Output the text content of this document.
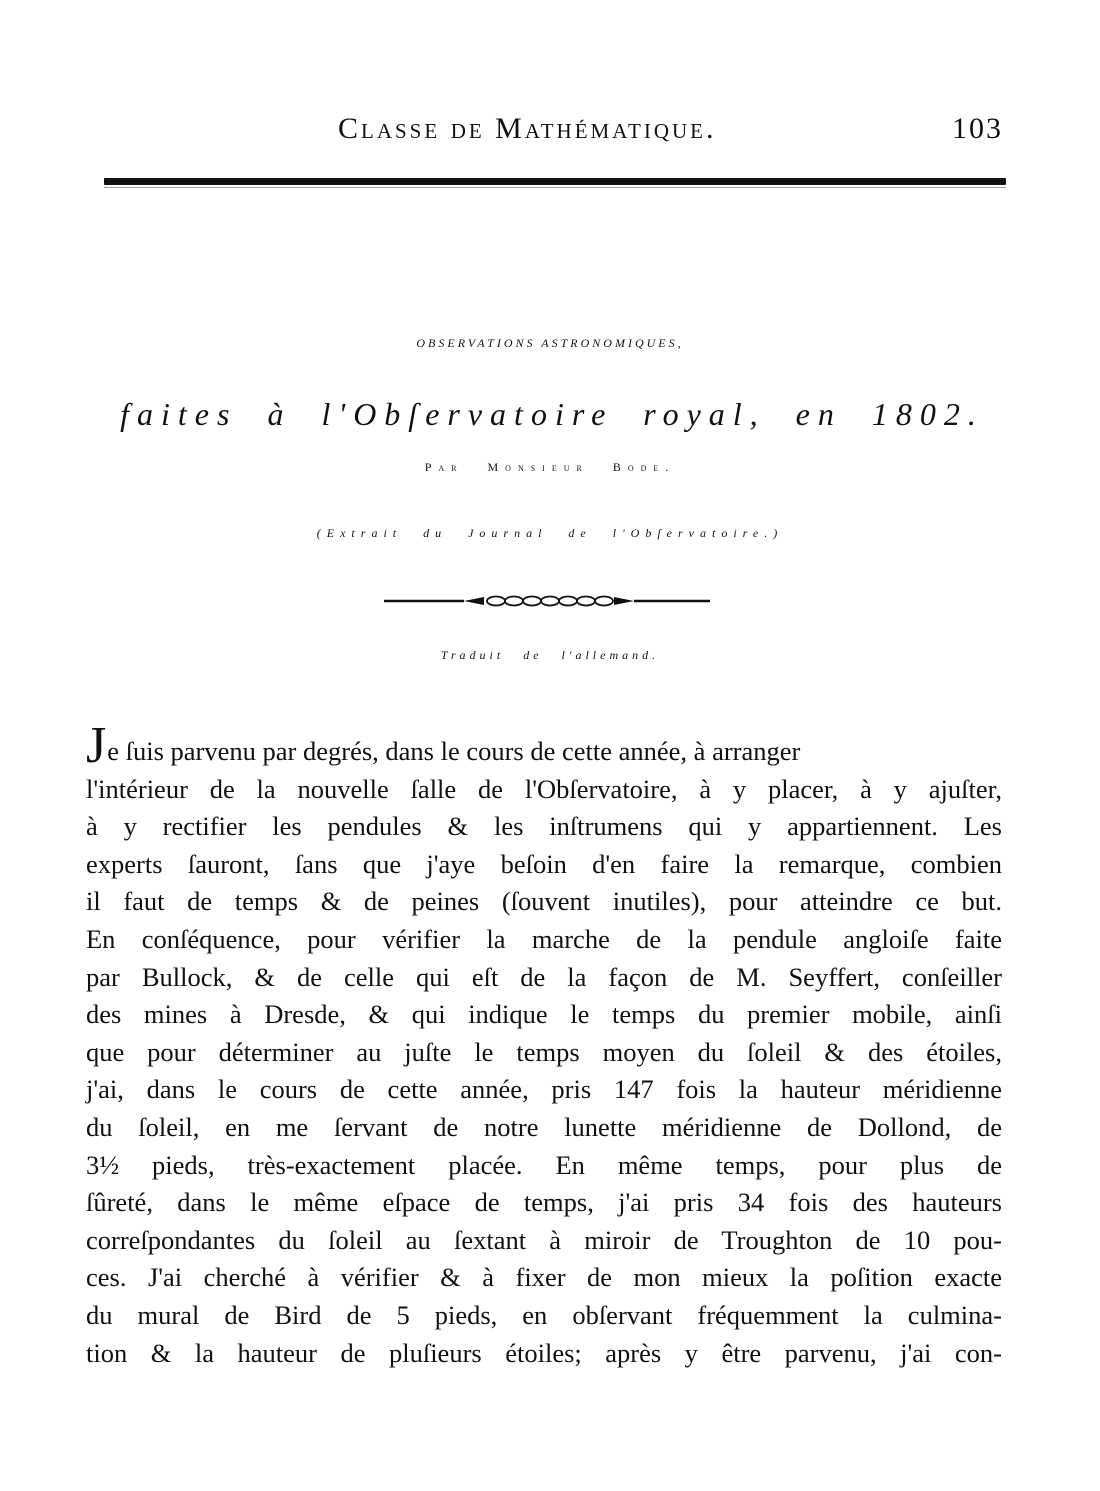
Classe de Mathématique.	103
OBSERVATIONS ASTRONOMIQUES,
faites à l'Obſervatoire royal, en 1802.
Par Monsieur Bode.
(Extrait du Journal de l'Obſervatoire.)
Traduit de l'allemand.
Je ſuis parvenu par degrés, dans le cours de cette année, à arranger
l'intérieur de la nouvelle ſalle de l'Obſervatoire, à y placer, à y ajuſter,
à y rectifier les pendules & les inſtrumens qui y appartiennent. Les
experts ſauront, ſans que j'aye beſoin d'en faire la remarque, combien
il faut de temps & de peines (ſouvent inutiles), pour atteindre ce but.
En conſéquence, pour vérifier la marche de la pendule angloiſe faite
par Bullock, & de celle qui eſt de la façon de M. Seyffert, conſeiller
des mines à Dresde, & qui indique le temps du premier mobile, ainſi
que pour déterminer au juſte le temps moyen du ſoleil & des étoiles,
j'ai, dans le cours de cette année, pris 147 fois la hauteur méridienne
du ſoleil, en me ſervant de notre lunette méridienne de Dollond, de
3½ pieds, très-exactement placée. En même temps, pour plus de
ſûreté, dans le même eſpace de temps, j'ai pris 34 fois des hauteurs
correſpondantes du ſoleil au ſextant à miroir de Troughton de 10 pou-
ces. J'ai cherché à vérifier & à fixer de mon mieux la poſition exacte
du mural de Bird de 5 pieds, en obſervant fréquemment la culmina-
tion & la hauteur de pluſieurs étoiles; après y être parvenu, j'ai con-
